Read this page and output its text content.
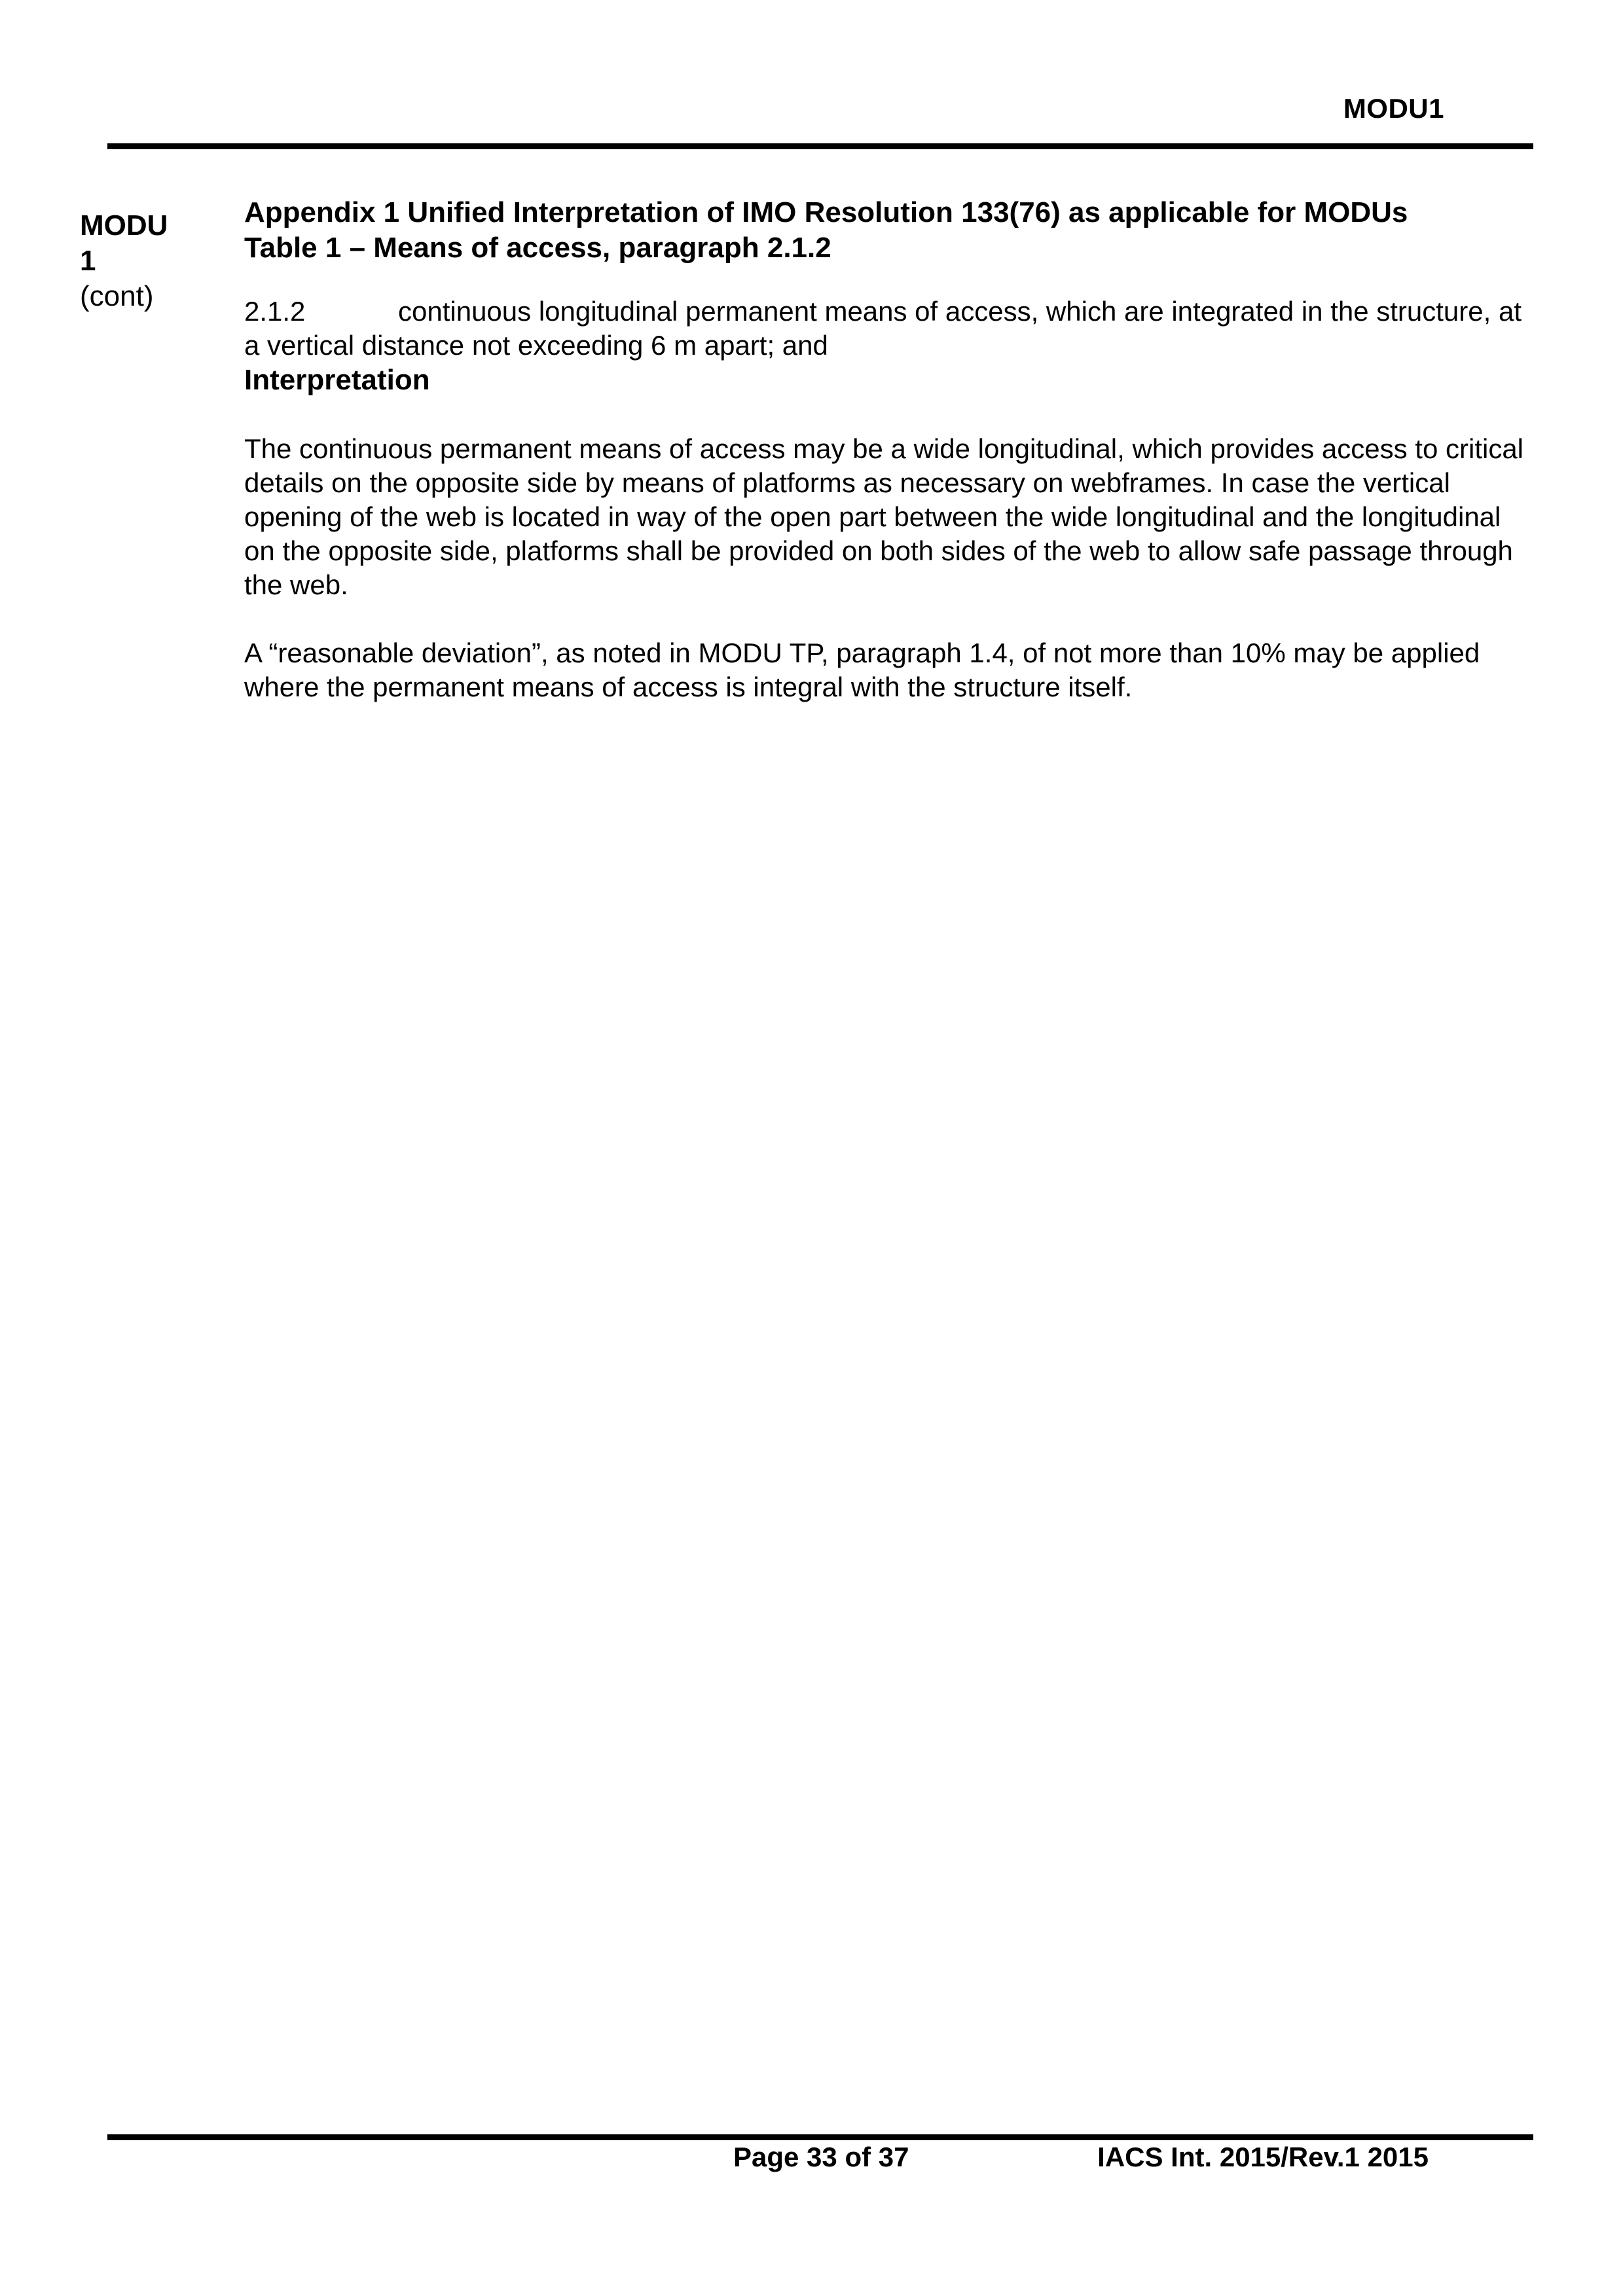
MODU1
MODU
1
(cont)

Appendix 1 Unified Interpretation of IMO Resolution 133(76) as applicable for MODUs

Table 1 – Means of access, paragraph 2.1.2

2.1.2	continuous longitudinal permanent means of access, which are integrated in the structure, at a vertical distance not exceeding 6 m apart; and

Interpretation

The continuous permanent means of access may be a wide longitudinal, which provides access to critical details on the opposite side by means of platforms as necessary on webframes. In case the vertical opening of the web is located in way of the open part between the wide longitudinal and the longitudinal on the opposite side, platforms shall be provided on both sides of the web to allow safe passage through the web.

A “reasonable deviation”, as noted in MODU TP, paragraph 1.4, of not more than 10% may be applied where the permanent means of access is integral with the structure itself.

Page 33 of 37	IACS Int. 2015/Rev.1 2015
